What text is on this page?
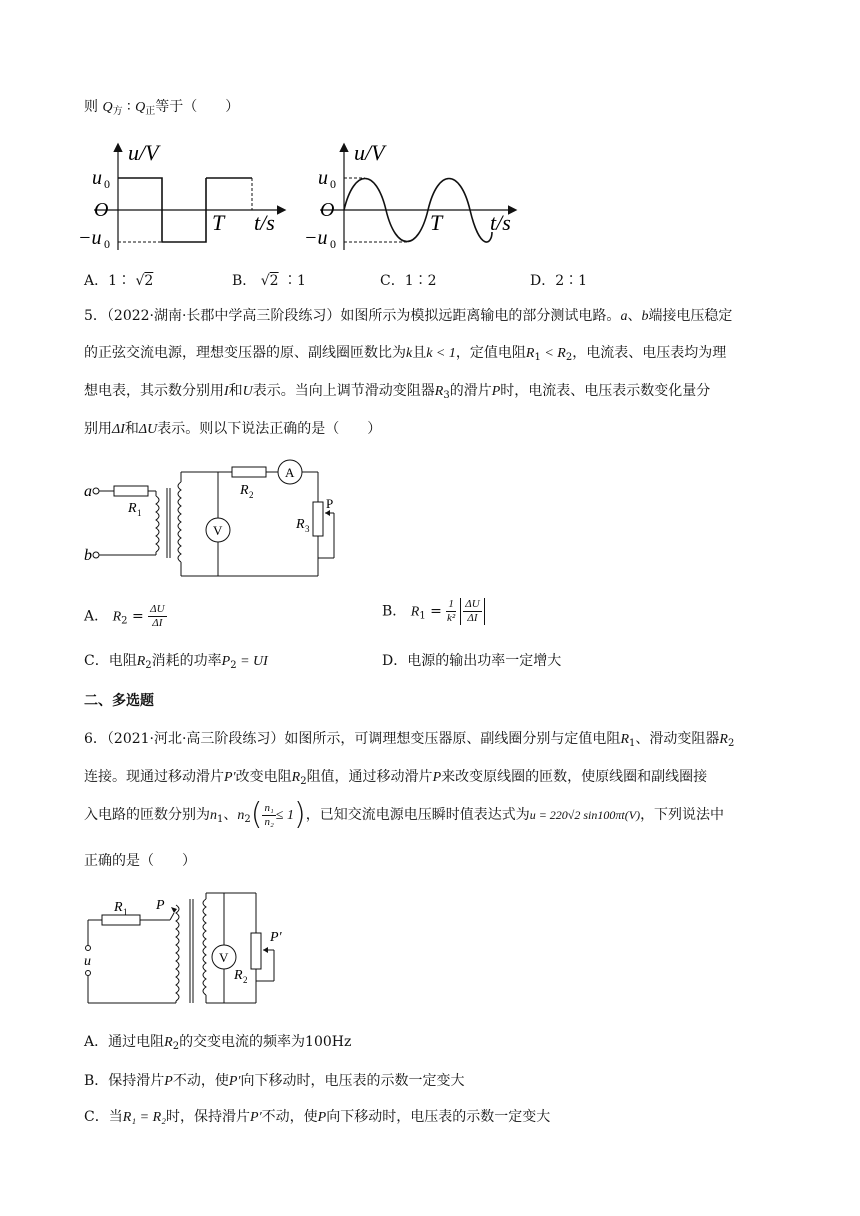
则 $Q_方$ ∶ $Q_正$等于（　　）
u/V
u 0
O
−u 0
T t/s
u/V
u 0
O
−u 0
T t/s
A．1∶ √2	B． √2 ∶1	C．1∶2	D．2∶1
5．（2022·湖南·长郡中学高三阶段练习）如图所示为模拟远距离输电的部分测试电路。a、b端接电压稳定
的正弦交流电源，理想变压器的原、副线圈匝数比为k且k < 1，定值电阻$R_1 < R_2$，电流表、电压表均为理
想电表，其示数分别用I和U表示。当向上调节滑动变阻器$R_3$的滑片P时，电流表、电压表示数变化量分
别用ΔI和ΔU表示。则以下说法正确的是（　　）
a
b
R 1
V
R 2
A
R 3
P
A． $R_2 = \frac{\Delta U}{\Delta I}$	B． $R_1 = \frac{1}{\text{k²}}$
$\frac{\Delta U}{\Delta I}$
C．电阻$R_2$消耗的功率$P_2$ = UI	D．电源的输出功率一定增大
二、多选题
6．（2021·河北·高三阶段练习）如图所示，可调理想变压器原、副线圈分别与定值电阻$R_1$、滑动变阻器$R_2$
连接。现通过移动滑片P′改变电阻$R_2$阻值，通过移动滑片P来改变原线圈的匝数，使原线圈和副线圈接
入电路的匝数分别为$n_1$、$n_2( \frac{\text{n₁}}{\text{n₂}} \le 1)$，已知交流电源电压瞬时值表达式为u = 220√2 sin100πt(V)，下列说法中
正确的是（　　）
R 1 P
u	V
R 2
P′
A．通过电阻$R_2$的交变电流的频率为100Hz
B．保持滑片P不动，使P′向下移动时，电压表的示数一定变大
C．当R₁ = R₂时，保持滑片P′不动，使P向下移动时，电压表的示数一定变大
